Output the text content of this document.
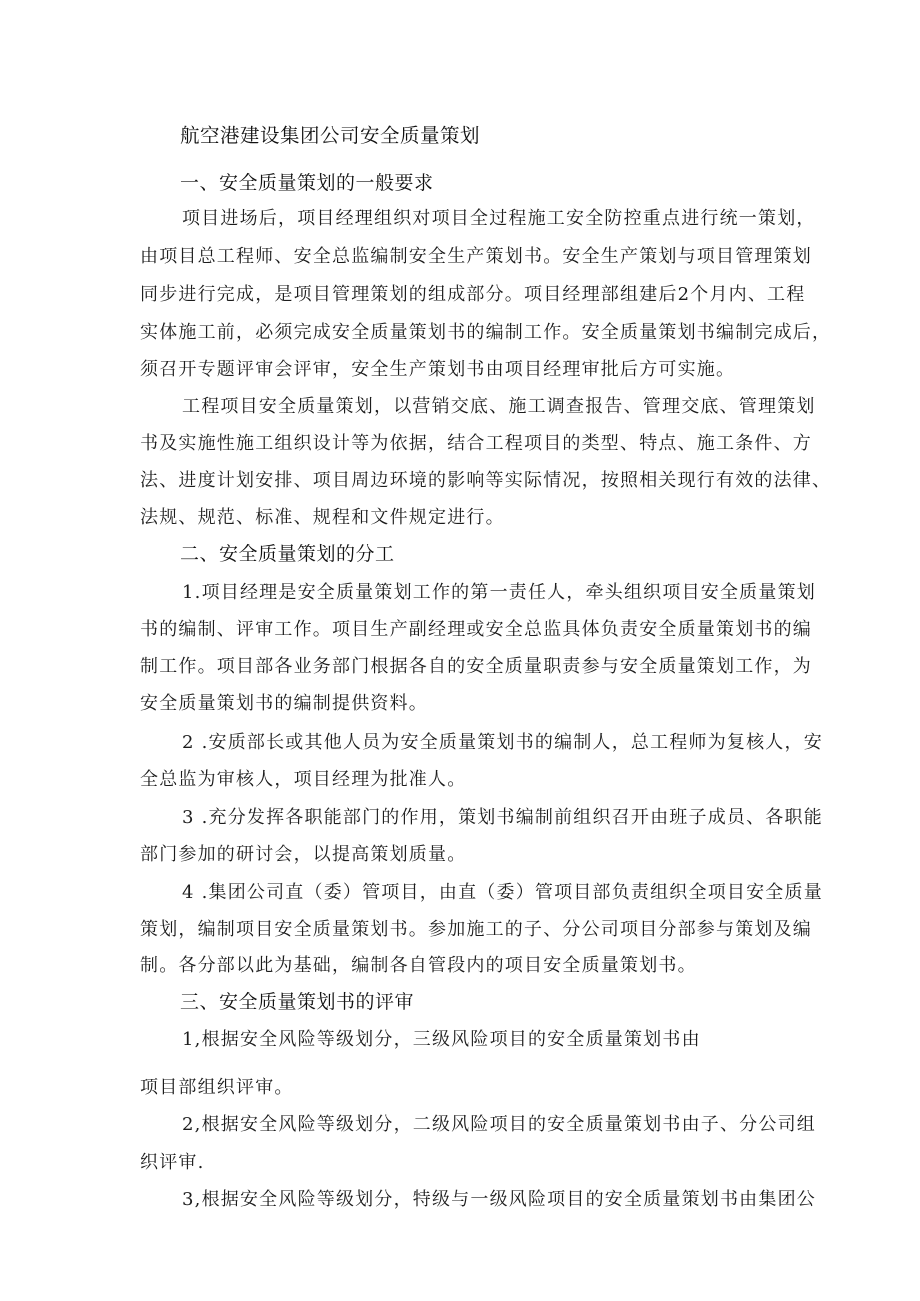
航空港建设集团公司安全质量策划
一、安全质量策划的一般要求
项目进场后，项目经理组织对项目全过程施工安全防控重点进行统一策划，
由项目总工程师、安全总监编制安全生产策划书。安全生产策划与项目管理策划
同步进行完成，是项目管理策划的组成部分。项目经理部组建后2个月内、工程
实体施工前，必须完成安全质量策划书的编制工作。安全质量策划书编制完成后，
须召开专题评审会评审，安全生产策划书由项目经理审批后方可实施。
工程项目安全质量策划，以营销交底、施工调查报告、管理交底、管理策划
书及实施性施工组织设计等为依据，结合工程项目的类型、特点、施工条件、方
法、进度计划安排、项目周边环境的影响等实际情况，按照相关现行有效的法律、
法规、规范、标准、规程和文件规定进行。
二、安全质量策划的分工
1.项目经理是安全质量策划工作的第一责任人，牵头组织项目安全质量策划
书的编制、评审工作。项目生产副经理或安全总监具体负责安全质量策划书的编
制工作。项目部各业务部门根据各自的安全质量职责参与安全质量策划工作，为
安全质量策划书的编制提供资料。
2 .安质部长或其他人员为安全质量策划书的编制人，总工程师为复核人，安
全总监为审核人，项目经理为批准人。
3 .充分发挥各职能部门的作用，策划书编制前组织召开由班子成员、各职能
部门参加的研讨会，以提高策划质量。
4 .集团公司直（委）管项目，由直（委）管项目部负责组织全项目安全质量
策划，编制项目安全质量策划书。参加施工的子、分公司项目分部参与策划及编
制。各分部以此为基础，编制各自管段内的项目安全质量策划书。
三、安全质量策划书的评审
1,根据安全风险等级划分，三级风险项目的安全质量策划书由
项目部组织评审。
2,根据安全风险等级划分，二级风险项目的安全质量策划书由子、分公司组
织评审.
3,根据安全风险等级划分，特级与一级风险项目的安全质量策划书由集团公
